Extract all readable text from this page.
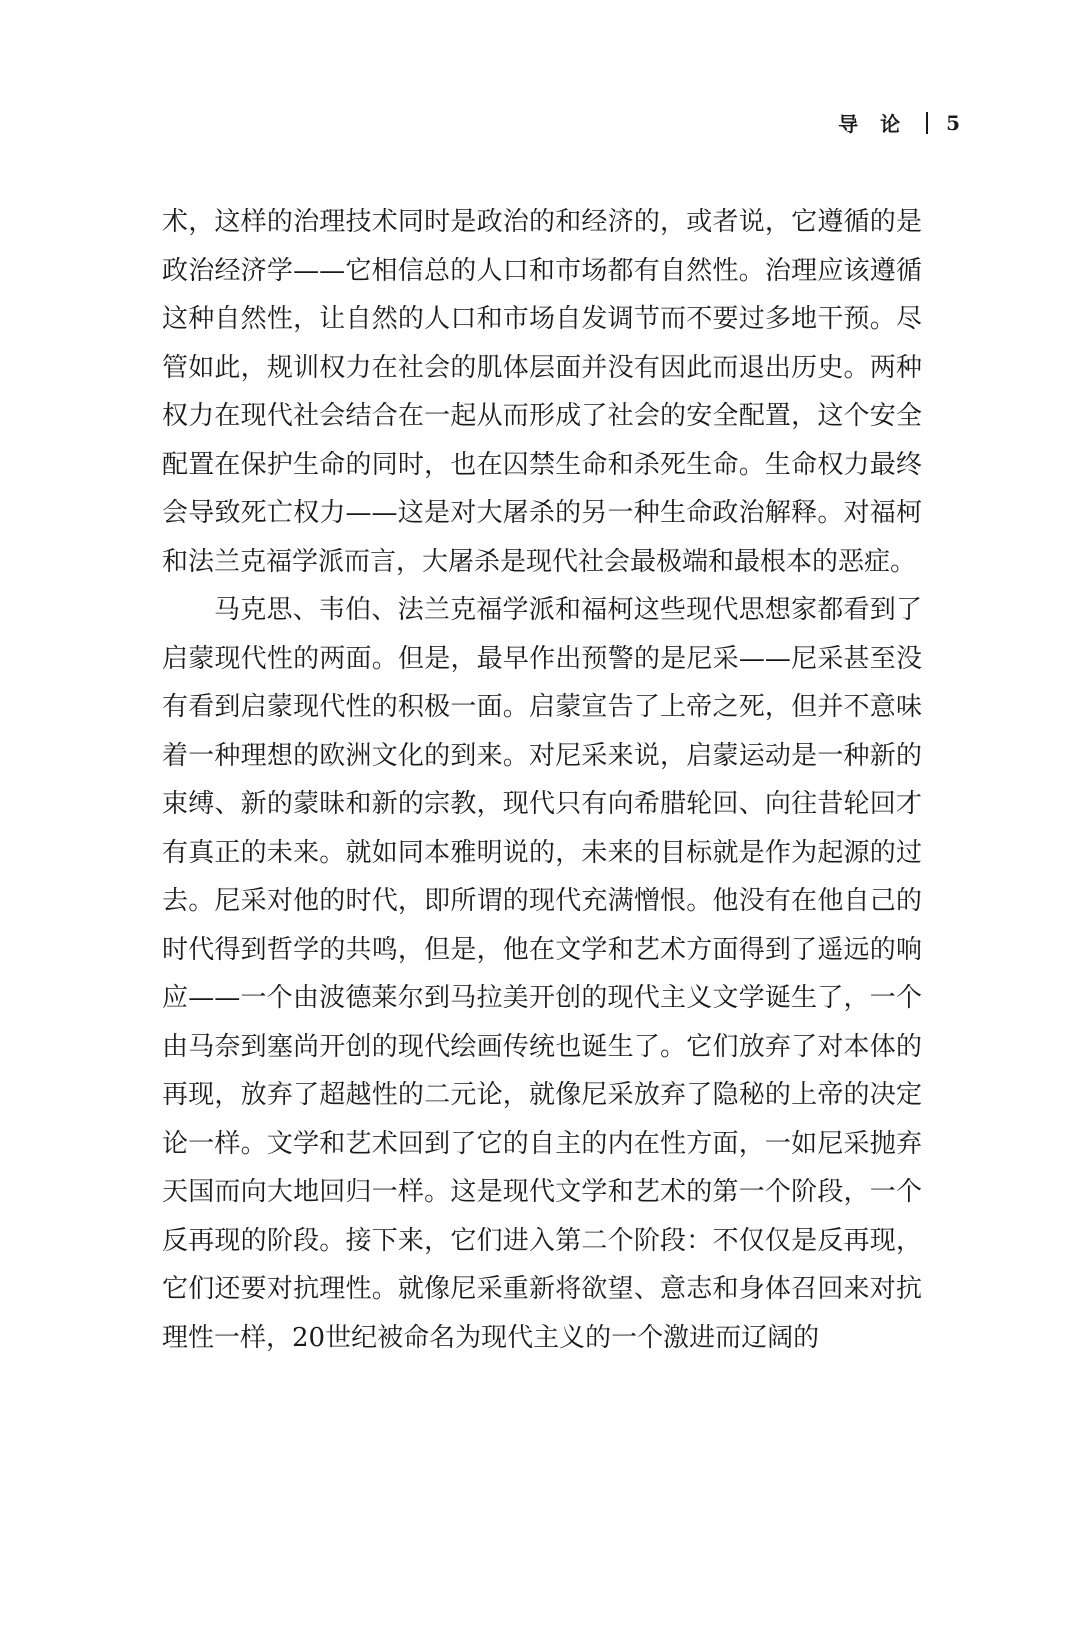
导论 5

术，这样的治理技术同时是政治的和经济的，或者说，它遵循的是政治经济学——它相信总的人口和市场都有自然性。治理应该遵循这种自然性，让自然的人口和市场自发调节而不要过多地干预。尽管如此，规训权力在社会的肌体层面并没有因此而退出历史。两种权力在现代社会结合在一起从而形成了社会的安全配置，这个安全配置在保护生命的同时，也在囚禁生命和杀死生命。生命权力最终会导致死亡权力——这是对大屠杀的另一种生命政治解释。对福柯和法兰克福学派而言，大屠杀是现代社会最极端和最根本的恶症。

马克思、韦伯、法兰克福学派和福柯这些现代思想家都看到了启蒙现代性的两面。但是，最早作出预警的是尼采——尼采甚至没有看到启蒙现代性的积极一面。启蒙宣告了上帝之死，但并不意味着一种理想的欧洲文化的到来。对尼采来说，启蒙运动是一种新的束缚、新的蒙昧和新的宗教，现代只有向希腊轮回、向往昔轮回才有真正的未来。就如同本雅明说的，未来的目标就是作为起源的过去。尼采对他的时代，即所谓的现代充满憎恨。他没有在他自己的时代得到哲学的共鸣，但是，他在文学和艺术方面得到了遥远的响应——一个由波德莱尔到马拉美开创的现代主义文学诞生了，一个由马奈到塞尚开创的现代绘画传统也诞生了。它们放弃了对本体的再现，放弃了超越性的二元论，就像尼采放弃了隐秘的上帝的决定论一样。文学和艺术回到了它的自主的内在性方面，一如尼采抛弃天国而向大地回归一样。这是现代文学和艺术的第一个阶段，一个反再现的阶段。接下来，它们进入第二个阶段：不仅仅是反再现，它们还要对抗理性。就像尼采重新将欲望、意志和身体召回来对抗理性一样，20世纪被命名为现代主义的一个激进而辽阔的
